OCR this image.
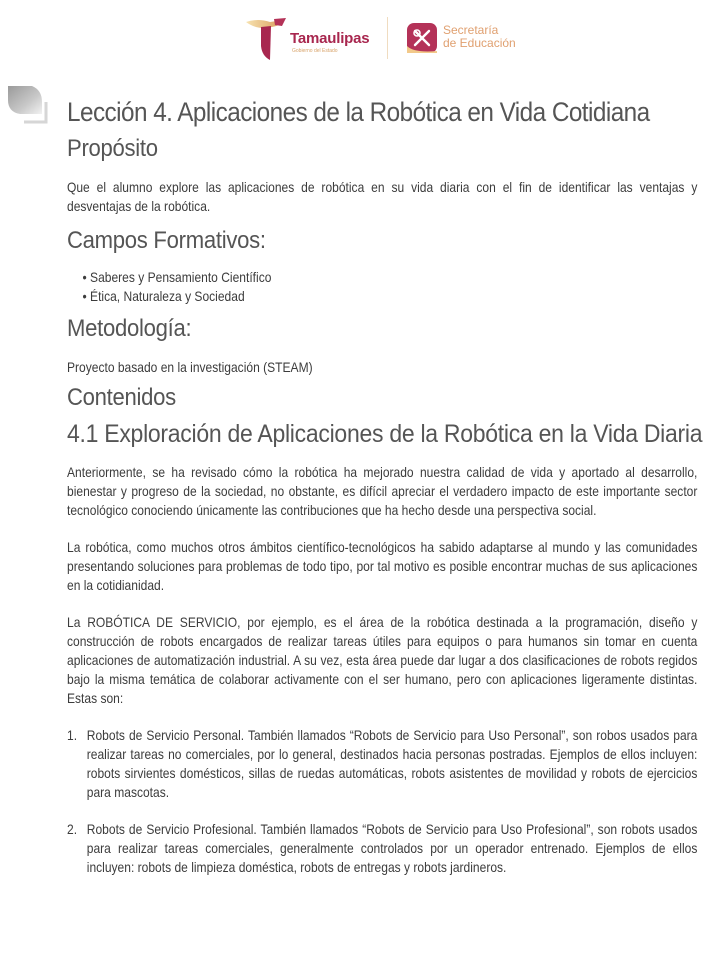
Tamaulipas
Gobierno del Estado
Secretaría
de Educación
Lección 4. Aplicaciones de la Robótica en Vida Cotidiana
Propósito

Que el alumno explore las aplicaciones de robótica en su vida diaria con el fin de identificar las ventajas y desventajas de la robótica.

Campos Formativos:
• Saberes y Pensamiento Científico
• Ética, Naturaleza y Sociedad
Metodología:

Proyecto basado en la investigación (STEAM)

Contenidos
4.1 Exploración de Aplicaciones de la Robótica en la Vida Diaria

Anteriormente, se ha revisado cómo la robótica ha mejorado nuestra calidad de vida y aportado al desarrollo, bienestar y progreso de la sociedad, no obstante, es difícil apreciar el verdadero impacto de este importante sector tecnológico conociendo únicamente las contribuciones que ha hecho desde una perspectiva social.

La robótica, como muchos otros ámbitos científico-tecnológicos ha sabido adaptarse al mundo y las comunidades presentando soluciones para problemas de todo tipo, por tal motivo es posible encontrar muchas de sus aplicaciones en la cotidianidad.

La ROBÓTICA DE SERVICIO, por ejemplo, es el área de la robótica destinada a la programación, diseño y construcción de robots encargados de realizar tareas útiles para equipos o para humanos sin tomar en cuenta aplicaciones de automatización industrial. A su vez, esta área puede dar lugar a dos clasificaciones de robots regidos bajo la misma temática de colaborar activamente con el ser humano, pero con aplicaciones ligeramente distintas. Estas son:

1. Robots de Servicio Personal. También llamados “Robots de Servicio para Uso Personal”, son robos usados para realizar tareas no comerciales, por lo general, destinados hacia personas postradas. Ejemplos de ellos incluyen: robots sirvientes domésticos, sillas de ruedas automáticas, robots asistentes de movilidad y robots de ejercicios para mascotas.
2. Robots de Servicio Profesional. También llamados “Robots de Servicio para Uso Profesional”, son robots usados para realizar tareas comerciales, generalmente controlados por un operador entrenado. Ejemplos de ellos incluyen: robots de limpieza doméstica, robots de entregas y robots jardineros.
